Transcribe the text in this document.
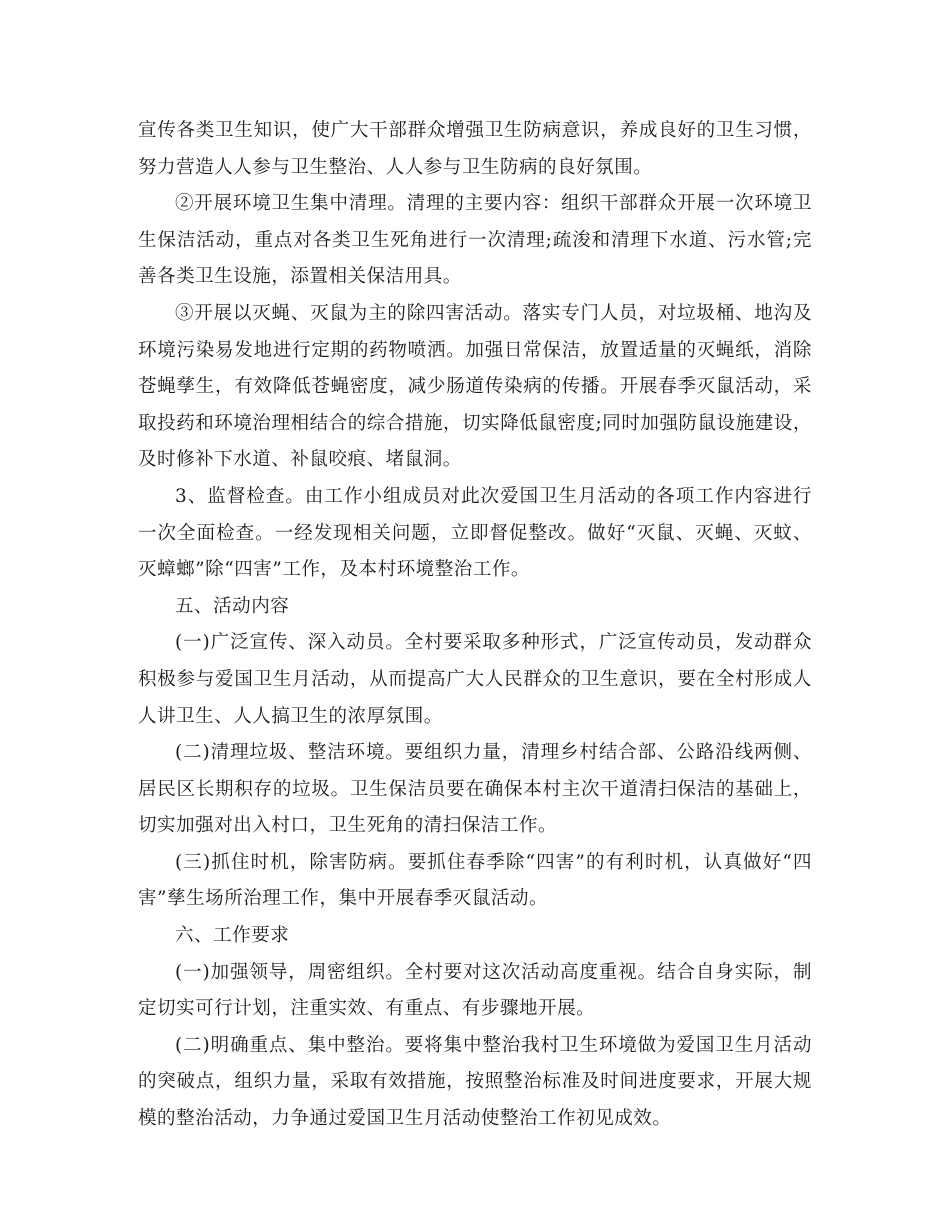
宣传各类卫生知识，使广大干部群众增强卫生防病意识，养成良好的卫生习惯，努力营造人人参与卫生整治、人人参与卫生防病的良好氛围。

②开展环境卫生集中清理。清理的主要内容：组织干部群众开展一次环境卫生保洁活动，重点对各类卫生死角进行一次清理;疏浚和清理下水道、污水管;完善各类卫生设施，添置相关保洁用具。

③开展以灭蝇、灭鼠为主的除四害活动。落实专门人员，对垃圾桶、地沟及环境污染易发地进行定期的药物喷洒。加强日常保洁，放置适量的灭蝇纸，消除苍蝇孳生，有效降低苍蝇密度，减少肠道传染病的传播。开展春季灭鼠活动，采取投药和环境治理相结合的综合措施，切实降低鼠密度;同时加强防鼠设施建设，及时修补下水道、补鼠咬痕、堵鼠洞。

3、监督检查。由工作小组成员对此次爱国卫生月活动的各项工作内容进行一次全面检查。一经发现相关问题，立即督促整改。做好“灭鼠、灭蝇、灭蚊、灭蟑螂”除“四害”工作，及本村环境整治工作。

五、活动内容

(一)广泛宣传、深入动员。全村要采取多种形式，广泛宣传动员，发动群众积极参与爱国卫生月活动，从而提高广大人民群众的卫生意识，要在全村形成人人讲卫生、人人搞卫生的浓厚氛围。

(二)清理垃圾、整洁环境。要组织力量，清理乡村结合部、公路沿线两侧、居民区长期积存的垃圾。卫生保洁员要在确保本村主次干道清扫保洁的基础上，切实加强对出入村口，卫生死角的清扫保洁工作。

(三)抓住时机，除害防病。要抓住春季除“四害”的有利时机，认真做好“四害”孳生场所治理工作，集中开展春季灭鼠活动。

六、工作要求

(一)加强领导，周密组织。全村要对这次活动高度重视。结合自身实际，制定切实可行计划，注重实效、有重点、有步骤地开展。

(二)明确重点、集中整治。要将集中整治我村卫生环境做为爱国卫生月活动的突破点，组织力量，采取有效措施，按照整治标准及时间进度要求，开展大规模的整治活动，力争通过爱国卫生月活动使整治工作初见成效。
